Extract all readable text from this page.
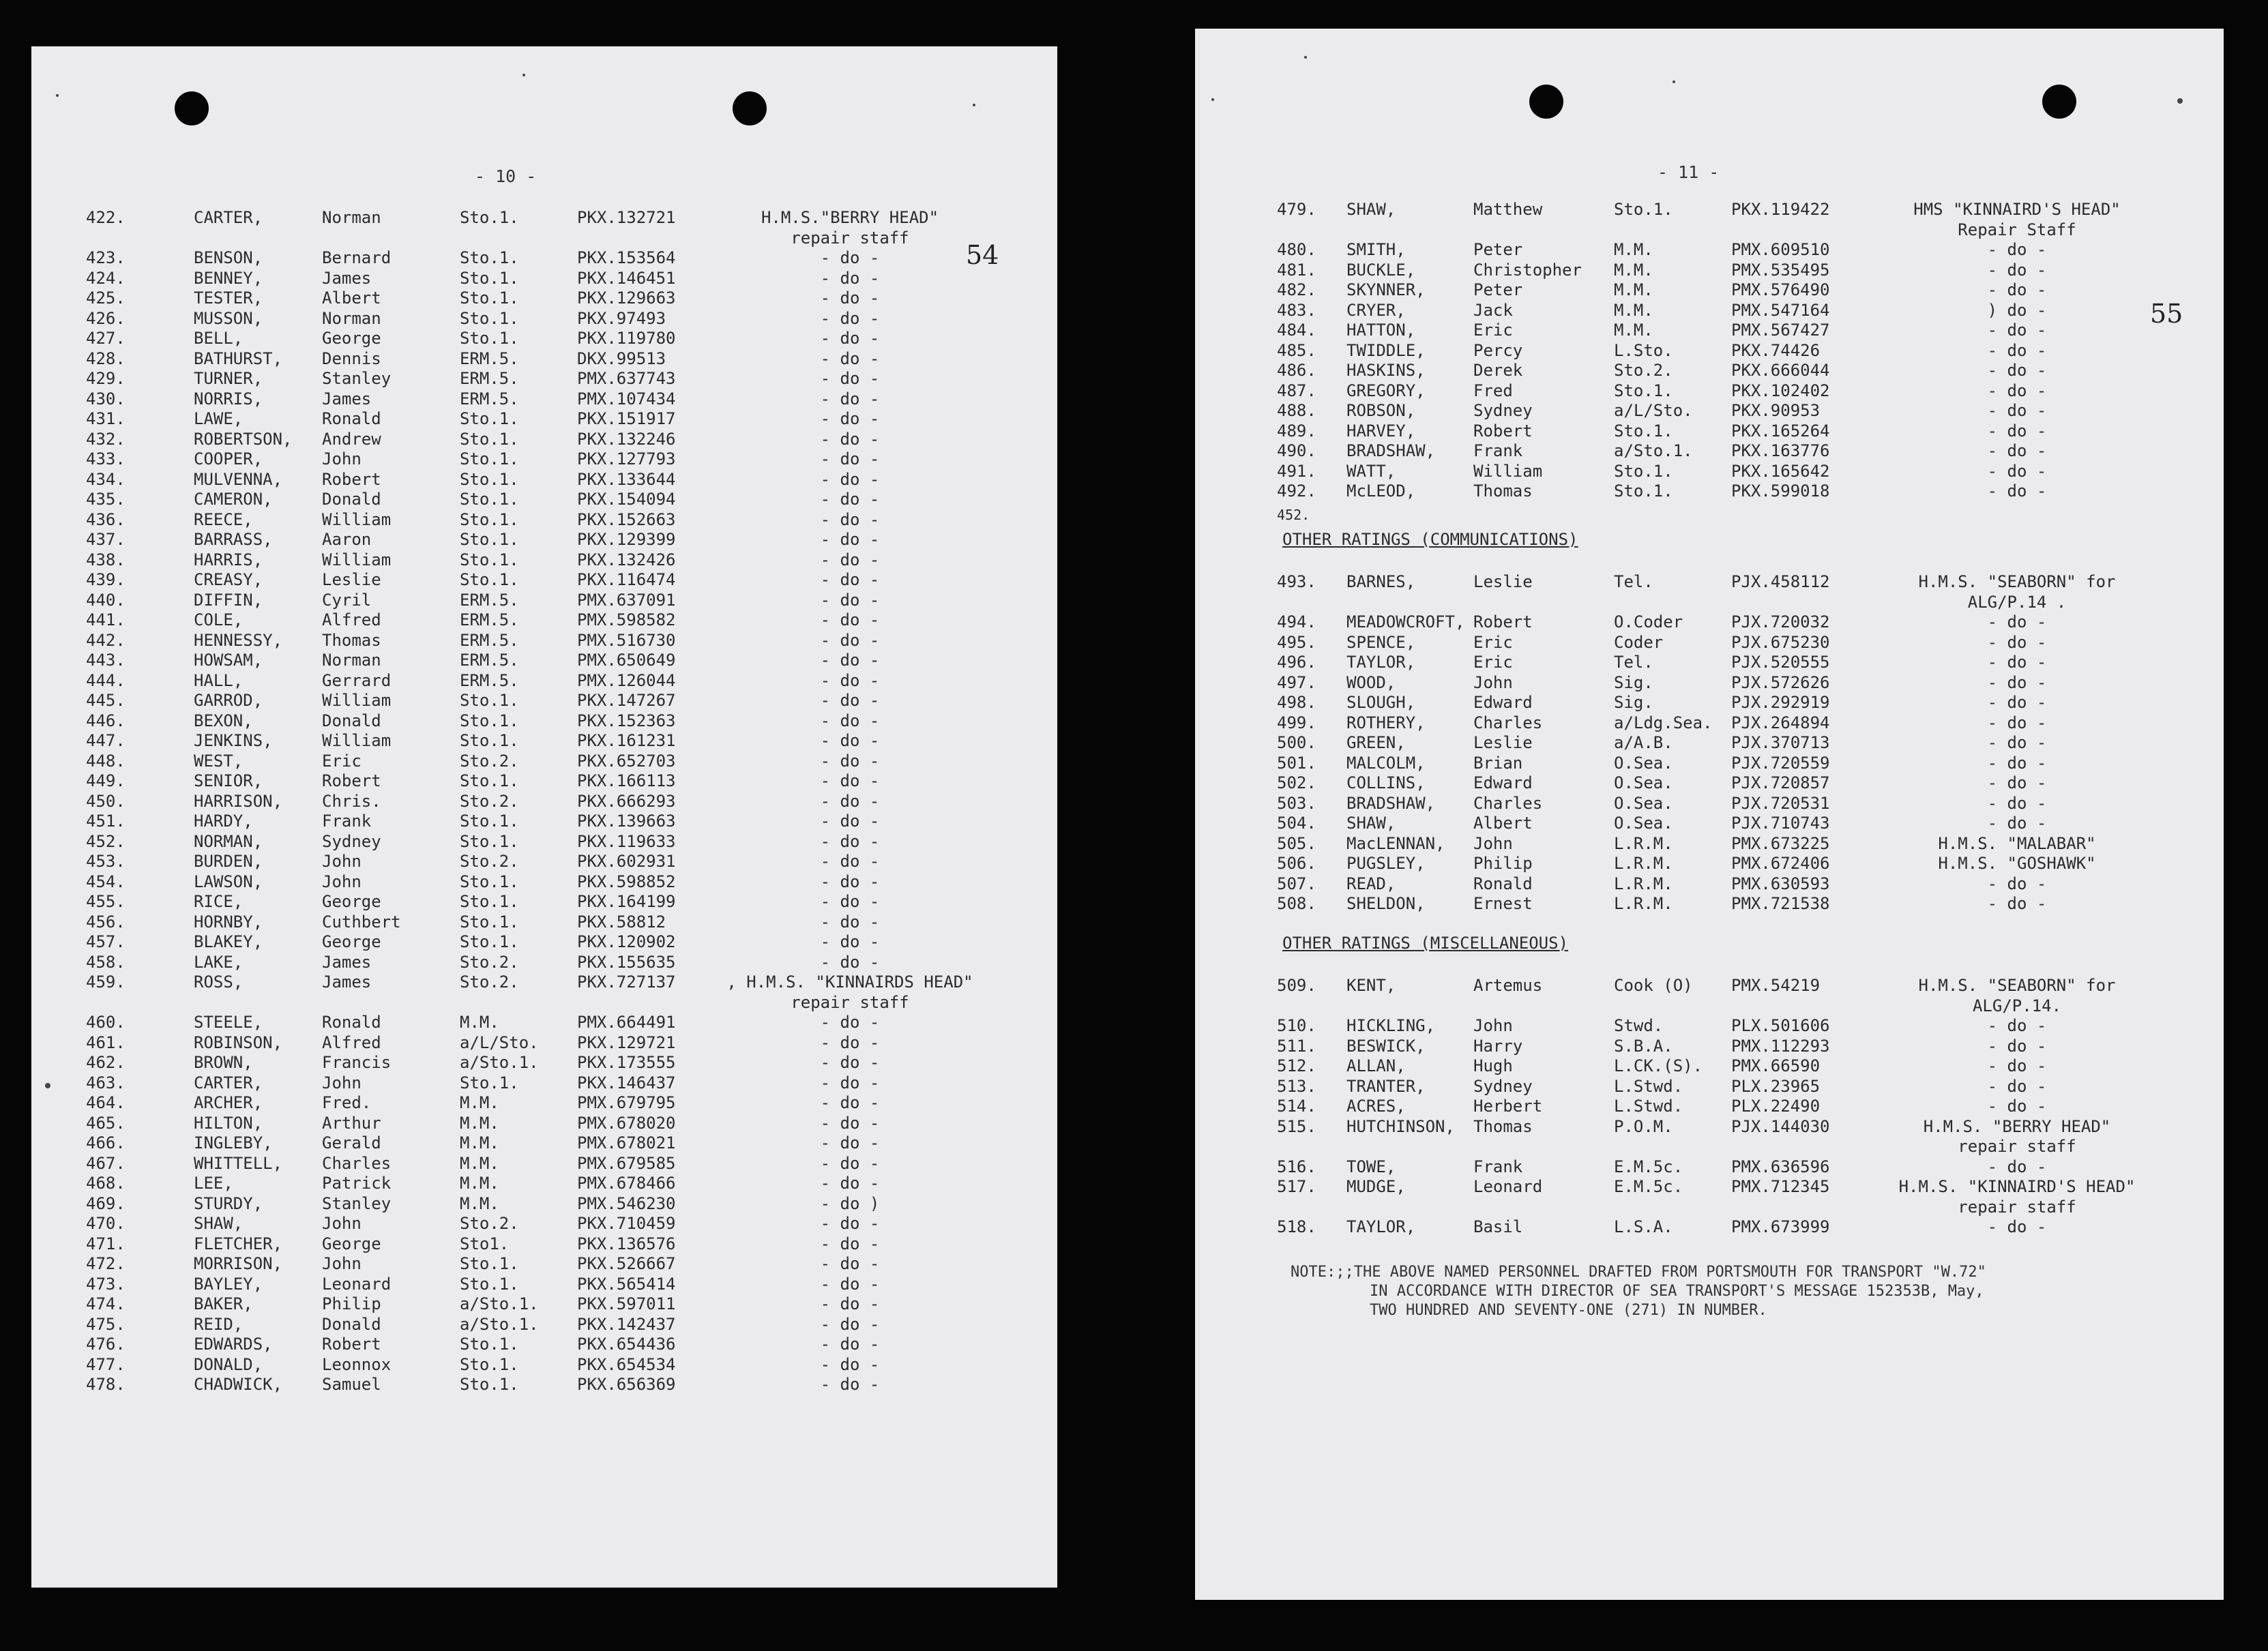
- 10 -
54
422.	CARTER,	Norman	Sto.1.	PKX.132721	H.M.S."BERRY HEAD"
repair staff
423.	BENSON,	Bernard	Sto.1.	PKX.153564	- do -
424.	BENNEY,	James	Sto.1.	PKX.146451	- do -
425.	TESTER,	Albert	Sto.1.	PKX.129663	- do -
426.	MUSSON,	Norman	Sto.1.	PKX.97493	- do -
427.	BELL,	George	Sto.1.	PKX.119780	- do -
428.	BATHURST, Dennis	ERM.5.	DKX.99513	- do -
429.	TURNER,	Stanley	ERM.5.	PMX.637743	- do -
430.	NORRIS,	James	ERM.5.	PMX.107434	- do -
431.	LAWE,	Ronald	Sto.1.	PKX.151917	- do -
432.	ROBERTSON, Andrew	Sto.1.	PKX.132246	- do -
433.	COOPER,	John	Sto.1.	PKX.127793	- do -
434.	MULVENNA, Robert	Sto.1.	PKX.133644	- do -
435.	CAMERON,	Donald	Sto.1.	PKX.154094	- do -
436.	REECE,	William	Sto.1.	PKX.152663	- do -
437.	BARRASS,	Aaron	Sto.1.	PKX.129399	- do -
438.	HARRIS,	William	Sto.1.	PKX.132426	- do -
439.	CREASY,	Leslie	Sto.1.	PKX.116474	- do -
440.	DIFFIN,	Cyril	ERM.5.	PMX.637091	- do -
441.	COLE,	Alfred	ERM.5.	PMX.598582	- do -
442.	HENNESSY, Thomas	ERM.5.	PMX.516730	- do -
443.	HOWSAM,	Norman	ERM.5.	PMX.650649	- do -
444.	HALL,	Gerrard	ERM.5.	PMX.126044	- do -
445.	GARROD,	William	Sto.1.	PKX.147267	- do -
446.	BEXON,	Donald	Sto.1.	PKX.152363	- do -
447.	JENKINS,	William	Sto.1.	PKX.161231	- do -
448.	WEST,	Eric	Sto.2.	PKX.652703	- do -
449.	SENIOR,	Robert	Sto.1.	PKX.166113	- do -
450.	HARRISON, Chris.	Sto.2.	PKX.666293	- do -
451.	HARDY,	Frank	Sto.1.	PKX.139663	- do -
452.	NORMAN,	Sydney	Sto.1.	PKX.119633	- do -
453.	BURDEN,	John	Sto.2.	PKX.602931	- do -
454.	LAWSON,	John	Sto.1.	PKX.598852	- do -
455.	RICE,	George	Sto.1.	PKX.164199	- do -
456.	HORNBY,	Cuthbert	Sto.1.	PKX.58812	- do -
457.	BLAKEY,	George	Sto.1.	PKX.120902	- do -
458.	LAKE,	James	Sto.2.	PKX.155635	- do -
459.	ROSS,	James	Sto.2.	PKX.727137	, H.M.S. "KINNAIRDS HEAD"
repair staff
460.	STEELE,	Ronald	M.M.	PMX.664491	- do -
461.	ROBINSON, Alfred	a/L/Sto. PKX.129721	- do -
462.	BROWN,	Francis	a/Sto.1. PKX.173555	- do -
463.	CARTER,	John	Sto.1.	PKX.146437	- do -
464.	ARCHER,	Fred.	M.M.	PMX.679795	- do -
465.	HILTON,	Arthur	M.M.	PMX.678020	- do -
466.	INGLEBY,	Gerald	M.M.	PMX.678021	- do -
467.	WHITTELL, Charles	M.M.	PMX.679585	- do -
468.	LEE,	Patrick	M.M.	PMX.678466	- do -
469.	STURDY,	Stanley	M.M.	PMX.546230	- do )
470.	SHAW,	John	Sto.2.	PKX.710459	- do -
471.	FLETCHER, George	Sto1.	PKX.136576	- do -
472.	MORRISON, John	Sto.1.	PKX.526667	- do -
473.	BAYLEY,	Leonard	Sto.1.	PKX.565414	- do -
474.	BAKER,	Philip	a/Sto.1. PKX.597011	- do -
475.	REID,	Donald	a/Sto.1. PKX.142437	- do -
476.	EDWARDS,	Robert	Sto.1.	PKX.654436	- do -
477.	DONALD,	Leonnox	Sto.1.	PKX.654534	- do -
478.	CHADWICK, Samuel	Sto.1.	PKX.656369	- do -
- 11 -
55
452.
OTHER RATINGS (COMMUNICATIONS)
OTHER RATINGS (MISCELLANEOUS)
NOTE:;;THE ABOVE NAMED PERSONNEL DRAFTED FROM PORTSMOUTH FOR TRANSPORT "W.72"
IN ACCORDANCE WITH DIRECTOR OF SEA TRANSPORT'S MESSAGE 152353B, May,
TWO HUNDRED AND SEVENTY-ONE (271) IN NUMBER.
479. SHAW,	Matthew	Sto.1.	PKX.119422	HMS "KINNAIRD'S HEAD"
Repair Staff
480. SMITH,	Peter	M.M.	PMX.609510	- do -
481. BUCKLE,	Christopher M.M.	PMX.535495	- do -
482. SKYNNER,	Peter	M.M.	PMX.576490	- do -
483. CRYER,	Jack	M.M.	PMX.547164	) do -
484. HATTON,	Eric	M.M.	PMX.567427	- do -
485. TWIDDLE,	Percy	L.Sto.	PKX.74426	- do -
486. HASKINS,	Derek	Sto.2.	PKX.666044	- do -
487. GREGORY,	Fred	Sto.1.	PKX.102402	- do -
488. ROBSON,	Sydney	a/L/Sto. PKX.90953	- do -
489. HARVEY,	Robert	Sto.1.	PKX.165264	- do -
490. BRADSHAW, Frank	a/Sto.1. PKX.163776	- do -
491. WATT,	William	Sto.1.	PKX.165642	- do -
492. McLEOD,	Thomas	Sto.1.	PKX.599018	- do -
493. BARNES,	Leslie	Tel.	PJX.458112	H.M.S. "SEABORN" for
ALG/P.14 .
494. MEADOWCROFT, Robert	O.Coder	PJX.720032	- do -
495. SPENCE,	Eric	Coder	PJX.675230	- do -
496. TAYLOR,	Eric	Tel.	PJX.520555	- do -
497. WOOD,	John	Sig.	PJX.572626	- do -
498. SLOUGH,	Edward	Sig.	PJX.292919	- do -
499. ROTHERY,	Charles	a/Ldg.Sea. PJX.264894	- do -
500. GREEN,	Leslie	a/A.B.	PJX.370713	- do -
501. MALCOLM,	Brian	O.Sea.	PJX.720559	- do -
502. COLLINS,	Edward	O.Sea.	PJX.720857	- do -
503. BRADSHAW, Charles	O.Sea.	PJX.720531	- do -
504. SHAW,	Albert	O.Sea.	PJX.710743	- do -
505. MacLENNAN, John	L.R.M.	PMX.673225	H.M.S. "MALABAR"
506. PUGSLEY,	Philip	L.R.M.	PMX.672406	H.M.S. "GOSHAWK"
507. READ,	Ronald	L.R.M.	PMX.630593	- do -
508. SHELDON,	Ernest	L.R.M.	PMX.721538	- do -
509. KENT,	Artemus	Cook (O) PMX.54219	H.M.S. "SEABORN" for
ALG/P.14.
510. HICKLING, John	Stwd.	PLX.501606	- do -
511. BESWICK,	Harry	S.B.A.	PMX.112293	- do -
512. ALLAN,	Hugh	L.CK.(S). PMX.66590	- do -
513. TRANTER,	Sydney	L.Stwd.	PLX.23965	- do -
514. ACRES,	Herbert	L.Stwd.	PLX.22490	- do -
515. HUTCHINSON, Thomas	P.O.M.	PJX.144030	H.M.S. "BERRY HEAD"
repair staff
516. TOWE,	Frank	E.M.5c.	PMX.636596	- do -
517. MUDGE,	Leonard	E.M.5c.	PMX.712345	H.M.S. "KINNAIRD'S HEAD"
repair staff
518. TAYLOR,	Basil	L.S.A.	PMX.673999	- do -
